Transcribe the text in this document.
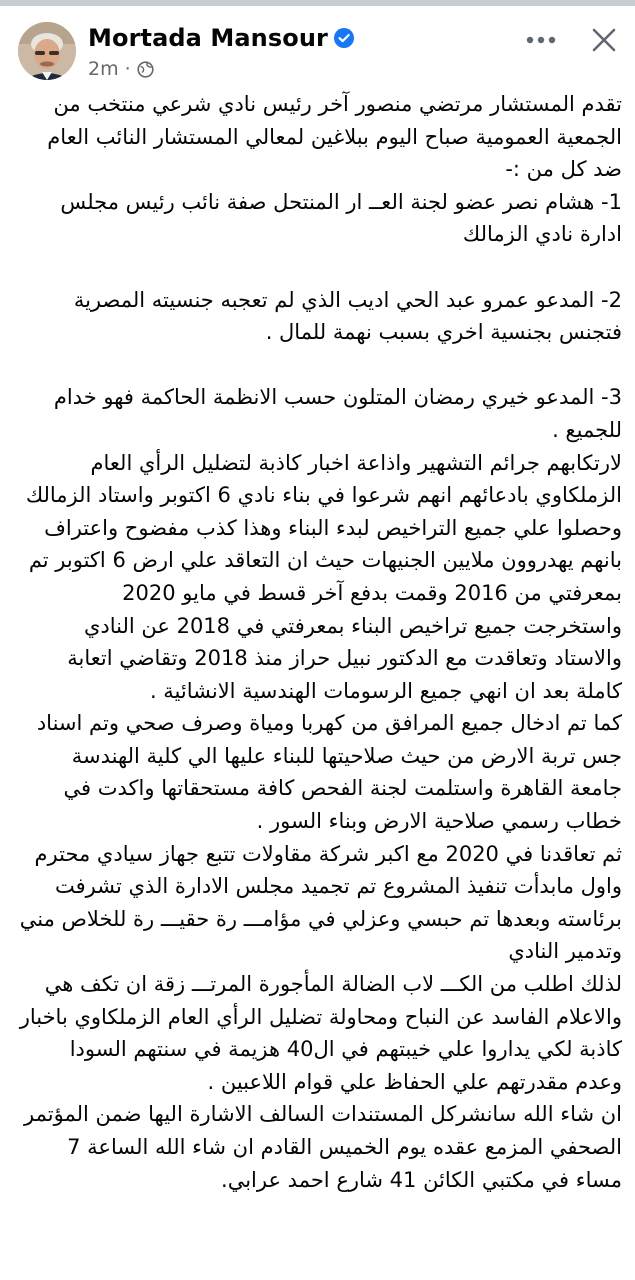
Mortada Mansour
2m ·

تقدم المستشار مرتضي منصور آخر رئيس نادي شرعي منتخب من الجمعية العمومية صباح اليوم ببلاغين لمعالي المستشار النائب العام ضد كل من :-
1- هشام نصر عضو لجنة العــ ار المنتحل صفة نائب رئيس مجلس ادارة نادي الزمالك

2- المدعو عمرو عبد الحي اديب الذي لم تعجبه جنسيته المصرية فتجنس بجنسية اخري بسبب نهمة للمال .

3- المدعو خيري رمضان المتلون حسب الانظمة الحاكمة فهو خدام للجميع .
لارتكابهم جرائم التشهير واذاعة اخبار كاذبة لتضليل الرأي العام الزملكاوي بادعائهم انهم شرعوا في بناء نادي 6 اكتوبر واستاد الزمالك وحصلوا علي جميع التراخيص لبدء البناء وهذا كذب مفضوح واعتراف بانهم يهدروون ملايين الجنيهات حيث ان التعاقد علي ارض 6 اكتوبر تم بمعرفتي من 2016 وقمت بدفع آخر قسط في مايو 2020 واستخرجت جميع تراخيص البناء بمعرفتي في 2018 عن النادي والاستاد وتعاقدت مع الدكتور نبيل حراز منذ 2018 وتقاضي اتعابة كاملة بعد ان انهي جميع الرسومات الهندسية الانشائية .
كما تم ادخال جميع المرافق من كهربا ومياة وصرف صحي وتم اسناد جس تربة الارض من حيث صلاحيتها للبناء عليها الي كلية الهندسة جامعة القاهرة واستلمت لجنة الفحص كافة مستحقاتها واكدت في خطاب رسمي صلاحية الارض وبناء السور .
ثم تعاقدنا في 2020 مع اكبر شركة مقاولات تتبع جهاز سيادي محترم واول مابدأت تنفيذ المشروع تم تجميد مجلس الادارة الذي تشرفت برئاسته وبعدها تم حبسي وعزلي في مؤامـــ رة حقيـــ رة للخلاص مني وتدمير النادي
لذلك اطلب من الكـــ لاب الضالة المأجورة المرتـــ زقة ان تكف هي والاعلام الفاسد عن النباح ومحاولة تضليل الرأي العام الزملكاوي باخبار كاذبة لكي يداروا علي خيبتهم في ال40 هزيمة في سنتهم السودا وعدم مقدرتهم علي الحفاظ علي قوام اللاعبين .
ان شاء الله سانشركل المستندات السالف الاشارة اليها ضمن المؤتمر الصحفي المزمع عقده يوم الخميس القادم ان شاء الله الساعة 7 مساء في مكتبي الكائن 41 شارع احمد عرابي.
